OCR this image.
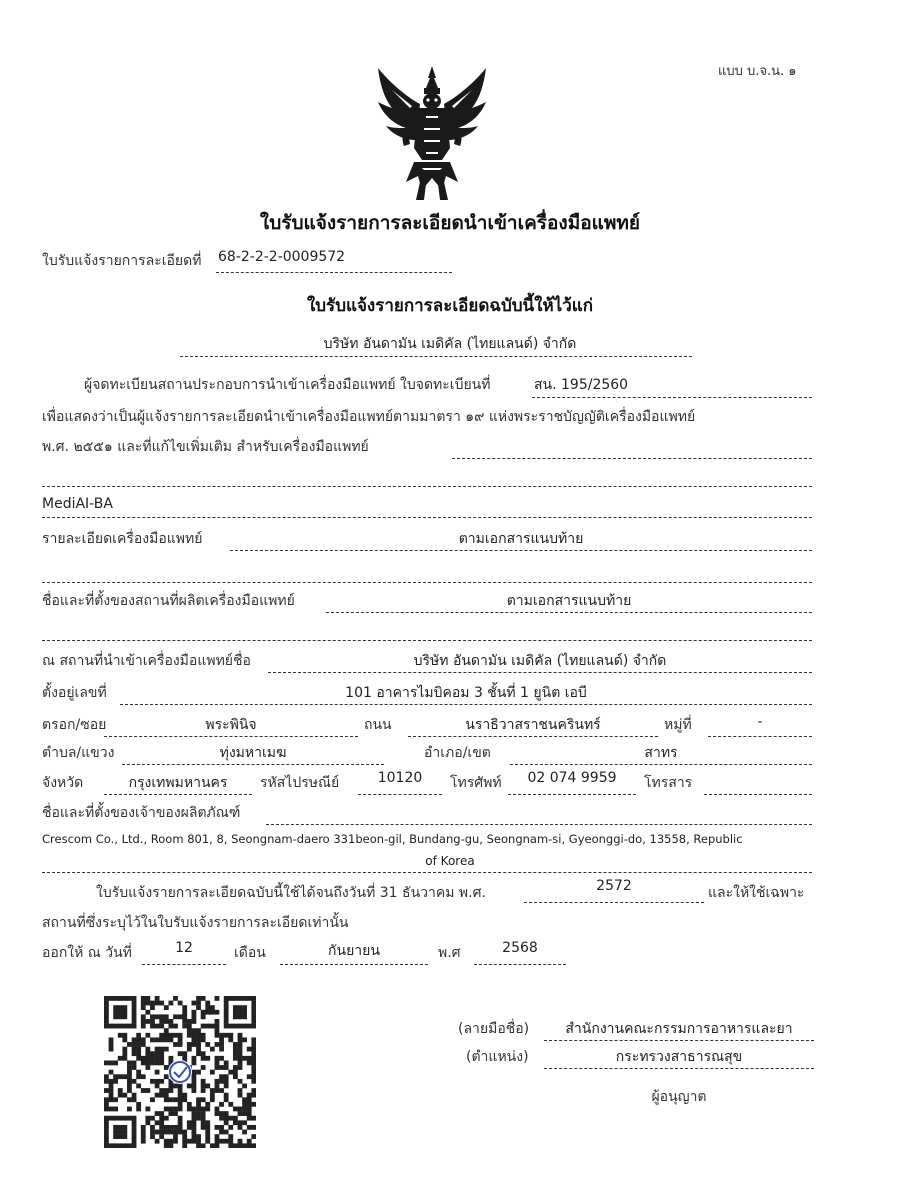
แบบ บ.จ.น. ๑
ใบรับแจ้งรายการละเอียดนำเข้าเครื่องมือแพทย์
ใบรับแจ้งรายการละเอียดที่ 68-2-2-2-0009572
ใบรับแจ้งรายการละเอียดฉบับนี้ให้ไว้แก่
บริษัท อันดามัน เมดิคัล (ไทยแลนด์) จำกัด
ผู้จดทะเบียนสถานประกอบการนำเข้าเครื่องมือแพทย์ ใบจดทะเบียนที่	สน. 195/2560
เพื่อแสดงว่าเป็นผู้แจ้งรายการละเอียดนำเข้าเครื่องมือแพทย์ตามมาตรา ๑๙ แห่งพระราชบัญญัติเครื่องมือแพทย์
พ.ศ. ๒๕๕๑ และที่แก้ไขเพิ่มเติม สำหรับเครื่องมือแพทย์
MediAI-BA
รายละเอียดเครื่องมือแพทย์	ตามเอกสารแนบท้าย
ชื่อและที่ตั้งของสถานที่ผลิตเครื่องมือแพทย์	ตามเอกสารแนบท้าย
ณ สถานที่นำเข้าเครื่องมือแพทย์ชื่อ	บริษัท อันดามัน เมดิคัล (ไทยแลนด์) จำกัด
ตั้งอยู่เลขที่	101 อาคารไมบิคอม 3 ชั้นที่ 1 ยูนิต เอบี
ตรอก/ซอย	พระพินิจ	ถนน	นราธิวาสราชนครินทร์	หมู่ที่	-
ตำบล/แขวง	ทุ่งมหาเมฆ	อำเภอ/เขต	สาทร
จังหวัด	กรุงเทพมหานคร	รหัสไปรษณีย์	10120	โทรศัพท์	02 074 9959	โทรสาร
ชื่อและที่ตั้งของเจ้าของผลิตภัณฑ์
Crescom Co., Ltd., Room 801, 8, Seongnam-daero 331beon-gil, Bundang-gu, Seongnam-si, Gyeonggi-do, 13558, Republic
of Korea
ใบรับแจ้งรายการละเอียดฉบับนี้ใช้ได้จนถึงวันที่ 31 ธันวาคม พ.ศ.	2572	และให้ใช้เฉพาะ
สถานที่ซึ่งระบุไว้ในใบรับแจ้งรายการละเอียดเท่านั้น
ออกให้ ณ วันที่	12	เดือน	กันยายน	พ.ศ	2568
(ลายมือชื่อ)	สำนักงานคณะกรรมการอาหารและยา
(ตำแหน่ง)	กระทรวงสาธารณสุข
ผู้อนุญาต
